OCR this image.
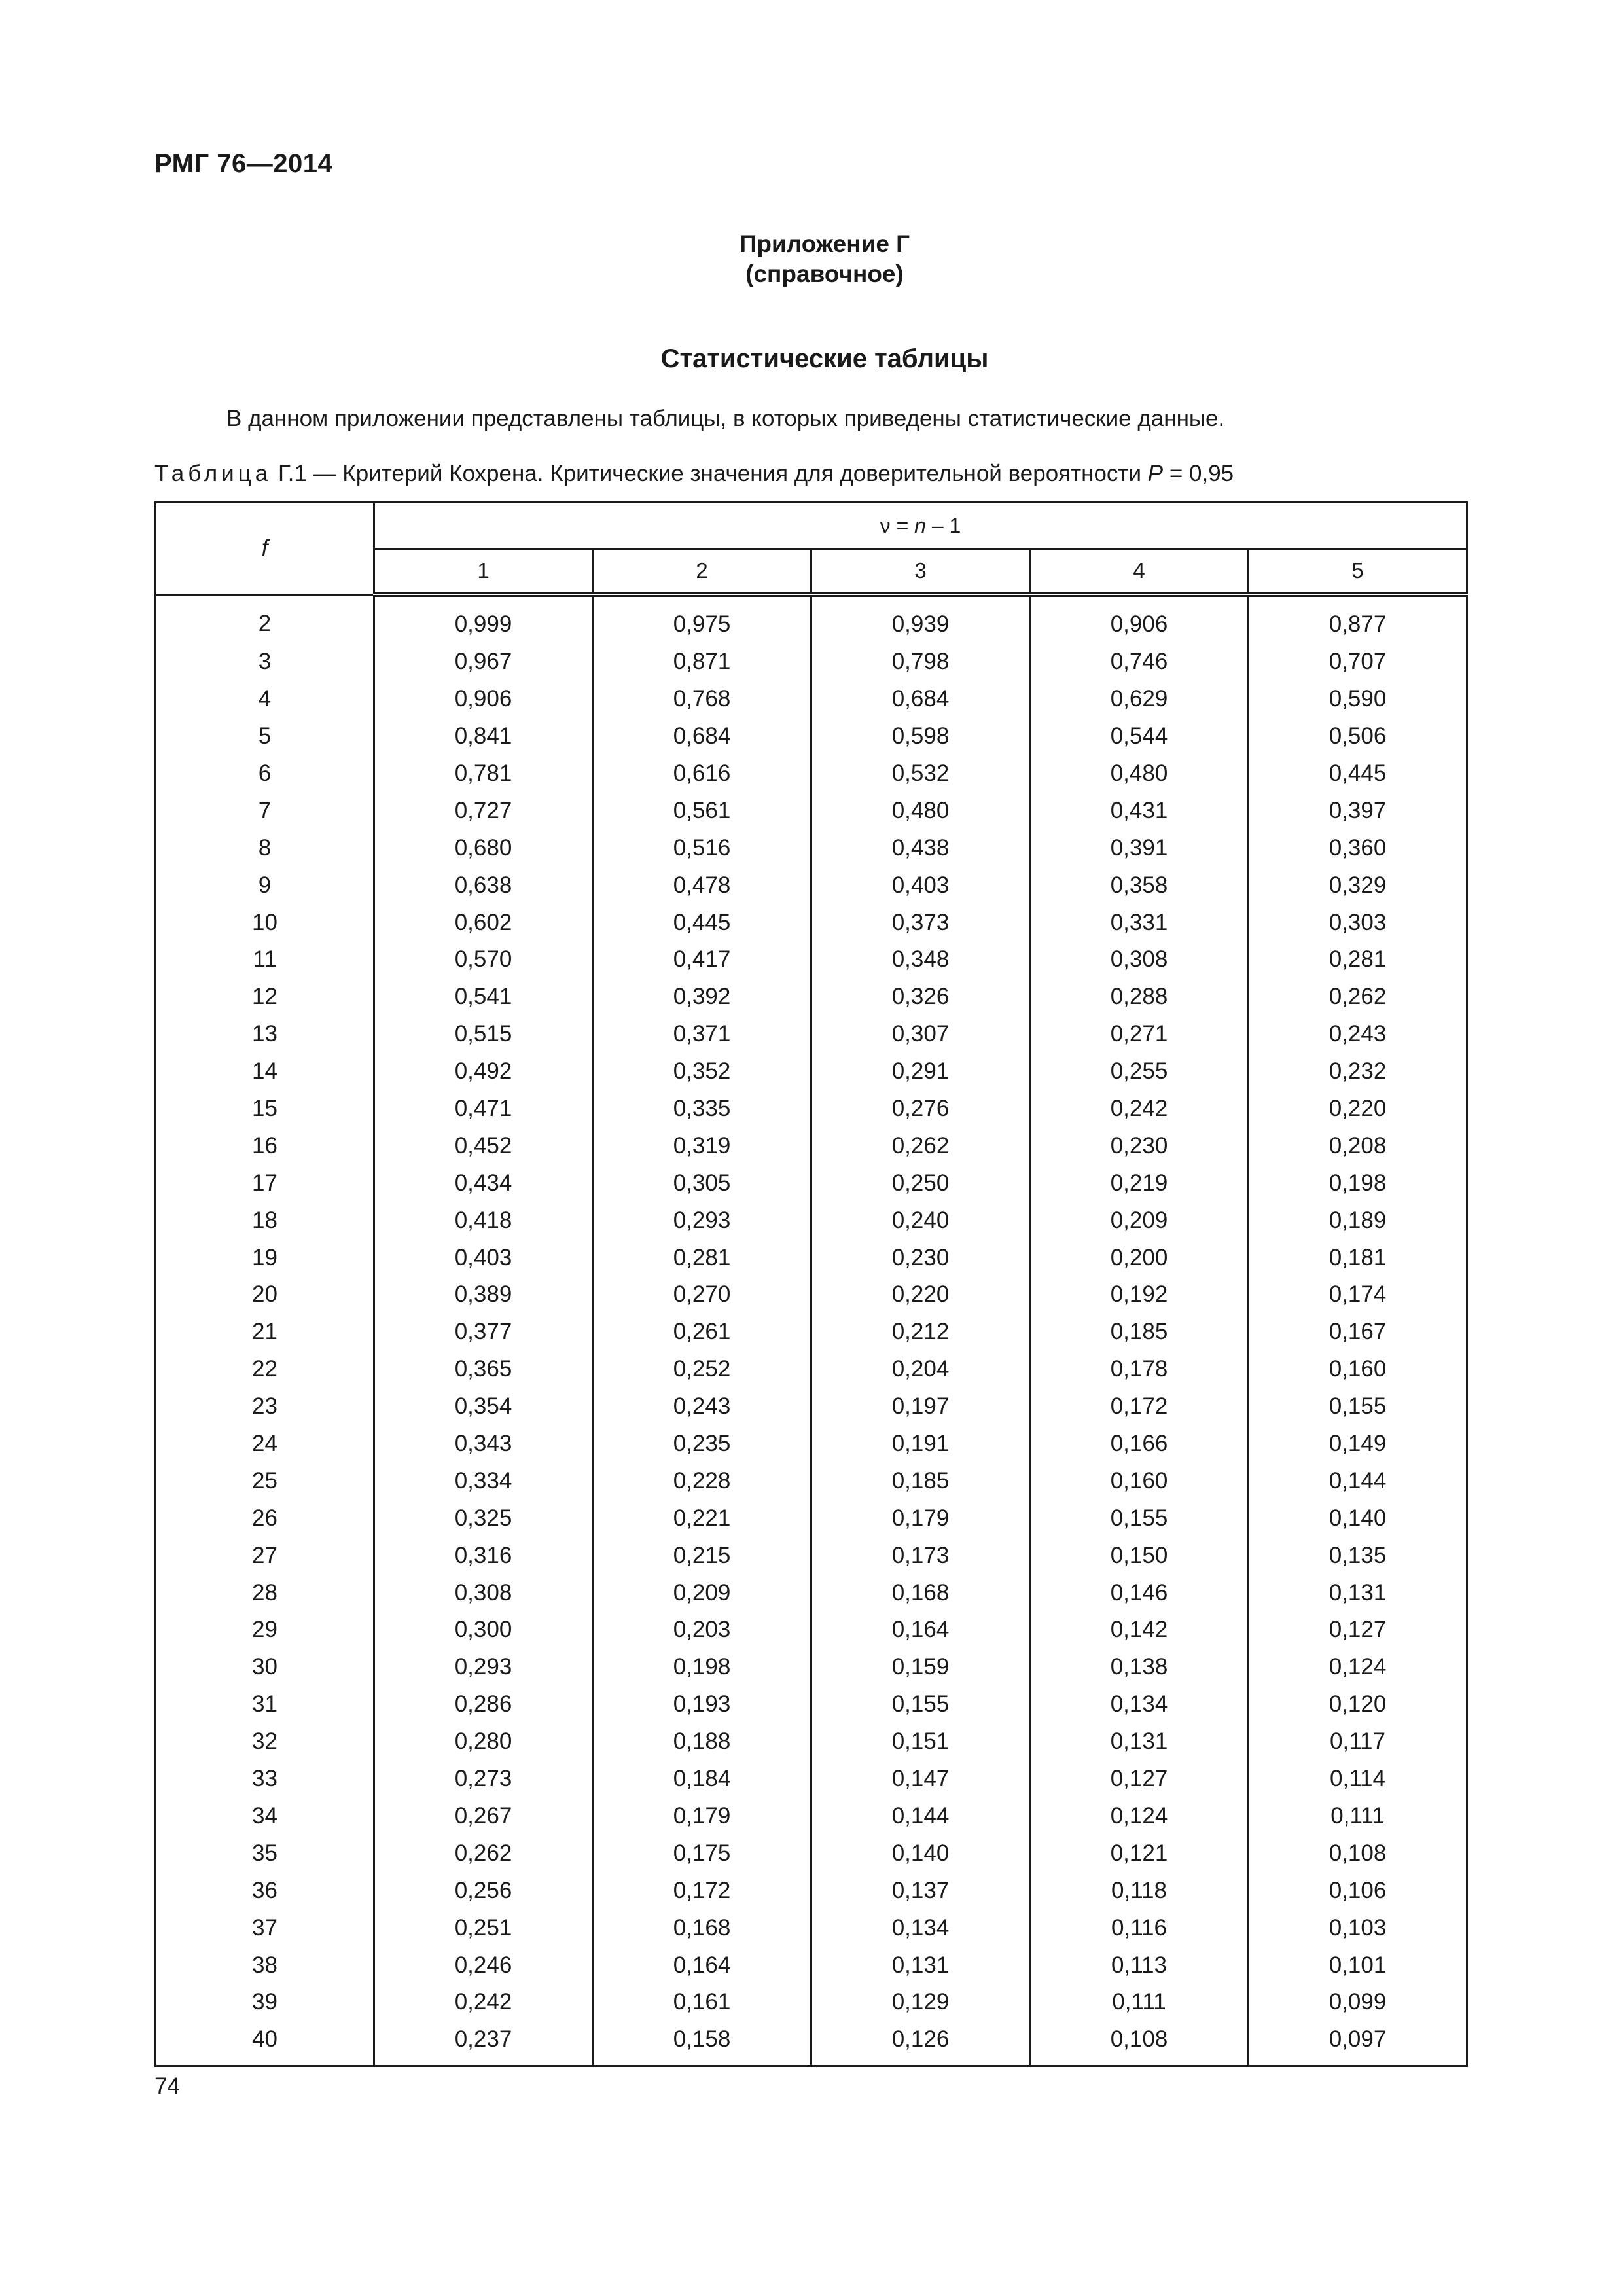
РМГ 76—2014
Приложение Г
(справочное)
Статистические таблицы
В данном приложении представлены таблицы, в которых приведены статистические данные.
Таблица Г.1 — Критерий Кохрена. Критические значения для доверительной вероятности P = 0,95
f	ν = n – 1				
	1	2	3	4	5
2	0,999	0,975	0,939	0,906	0,877
3	0,967	0,871	0,798	0,746	0,707
4	0,906	0,768	0,684	0,629	0,590
5	0,841	0,684	0,598	0,544	0,506
6	0,781	0,616	0,532	0,480	0,445
7	0,727	0,561	0,480	0,431	0,397
8	0,680	0,516	0,438	0,391	0,360
9	0,638	0,478	0,403	0,358	0,329
10	0,602	0,445	0,373	0,331	0,303
11	0,570	0,417	0,348	0,308	0,281
12	0,541	0,392	0,326	0,288	0,262
13	0,515	0,371	0,307	0,271	0,243
14	0,492	0,352	0,291	0,255	0,232
15	0,471	0,335	0,276	0,242	0,220
16	0,452	0,319	0,262	0,230	0,208
17	0,434	0,305	0,250	0,219	0,198
18	0,418	0,293	0,240	0,209	0,189
19	0,403	0,281	0,230	0,200	0,181
20	0,389	0,270	0,220	0,192	0,174
21	0,377	0,261	0,212	0,185	0,167
22	0,365	0,252	0,204	0,178	0,160
23	0,354	0,243	0,197	0,172	0,155
24	0,343	0,235	0,191	0,166	0,149
25	0,334	0,228	0,185	0,160	0,144
26	0,325	0,221	0,179	0,155	0,140
27	0,316	0,215	0,173	0,150	0,135
28	0,308	0,209	0,168	0,146	0,131
29	0,300	0,203	0,164	0,142	0,127
30	0,293	0,198	0,159	0,138	0,124
31	0,286	0,193	0,155	0,134	0,120
32	0,280	0,188	0,151	0,131	0,117
33	0,273	0,184	0,147	0,127	0,114
34	0,267	0,179	0,144	0,124	0,111
35	0,262	0,175	0,140	0,121	0,108
36	0,256	0,172	0,137	0,118	0,106
37	0,251	0,168	0,134	0,116	0,103
38	0,246	0,164	0,131	0,113	0,101
39	0,242	0,161	0,129	0,111	0,099
40	0,237	0,158	0,126	0,108	0,097
74
